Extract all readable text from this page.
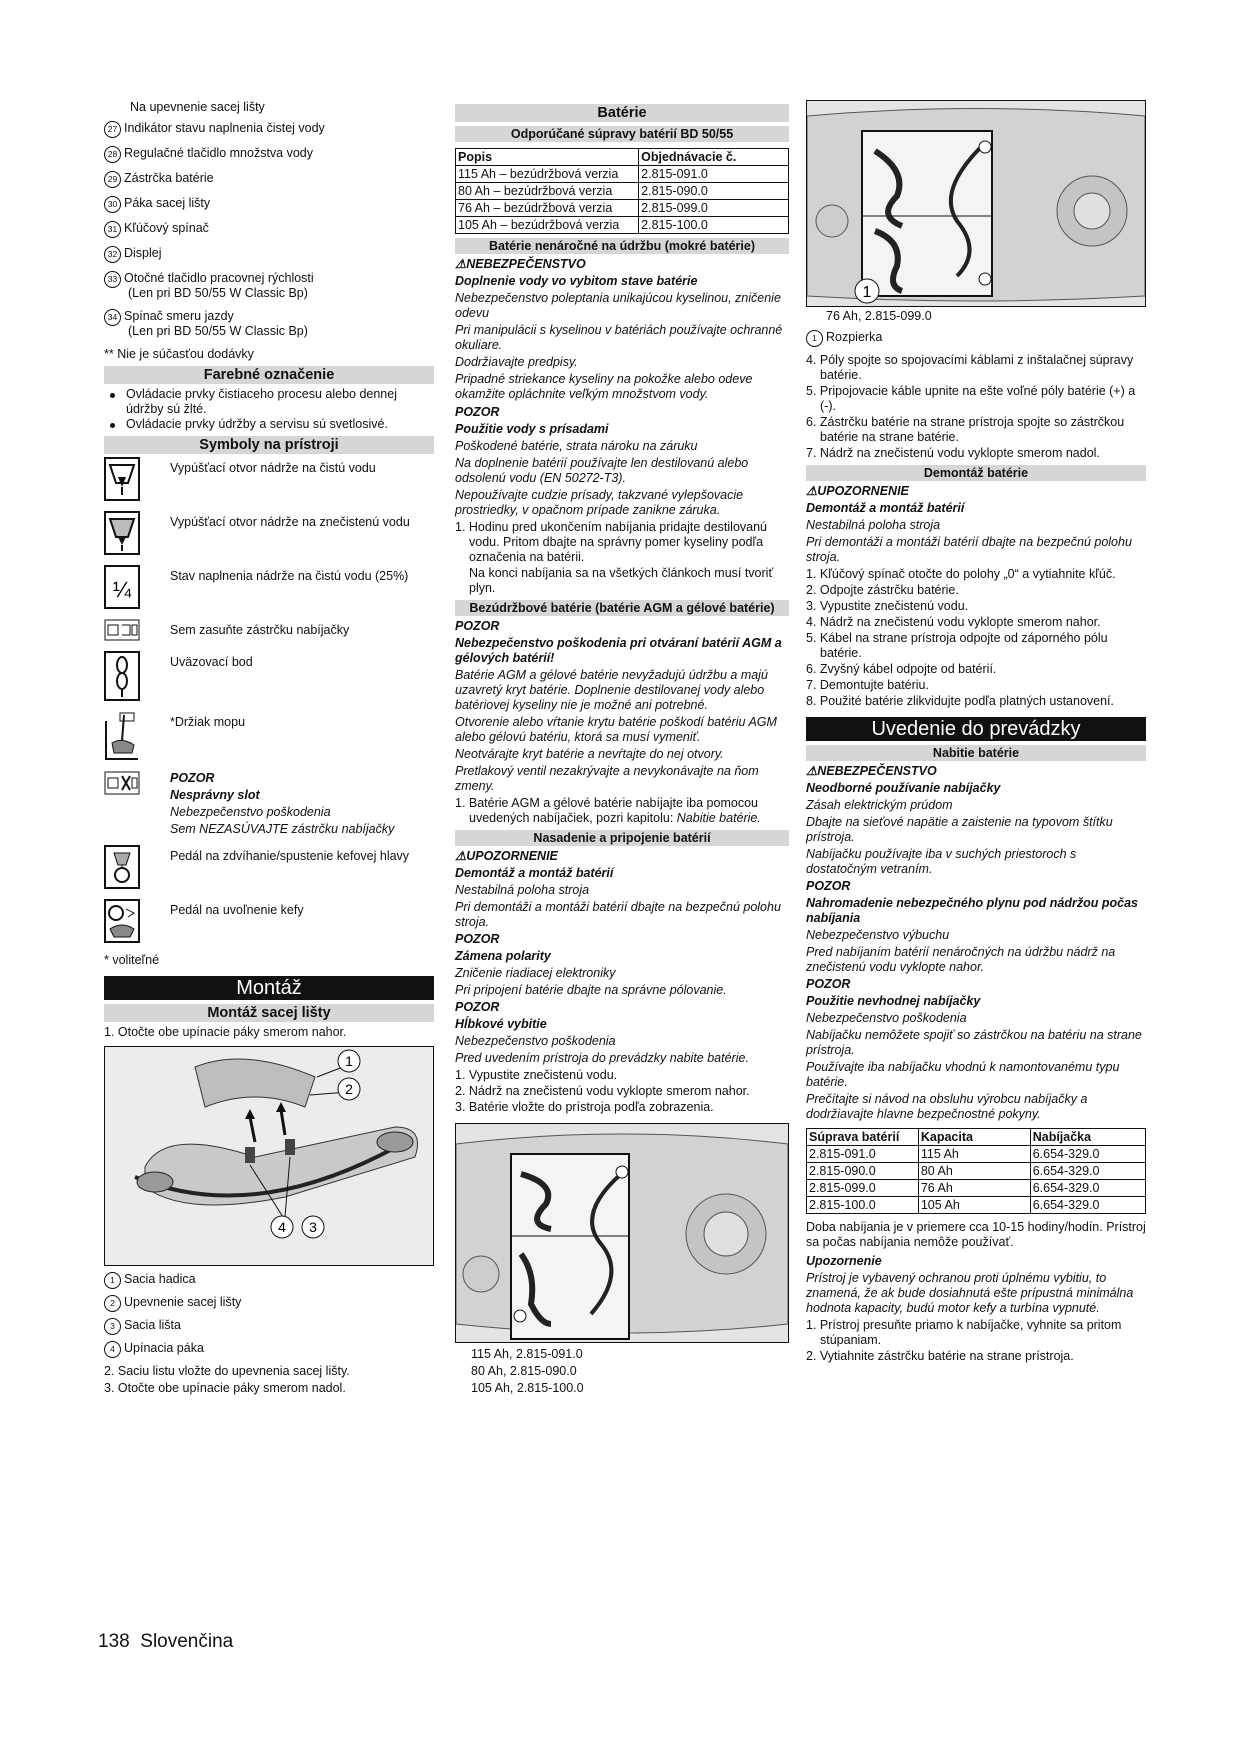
Na upevnenie sacej lišty

27 Indikátor stavu naplnenia čistej vody
28 Regulačné tlačidlo množstva vody
29 Zástrčka batérie
30 Páka sacej lišty
31 Kľúčový spínač
32 Displej
33 Otočné tlačidlo pracovnej rýchlosti
(Len pri BD 50/55 W Classic Bp)
34 Spínač smeru jazdy
(Len pri BD 50/55 W Classic Bp)

** Nie je súčasťou dodávky

Farebné označenie
Ovládacie prvky čistiaceho procesu alebo dennej údržby sú žlté.
Ovládacie prvky údržby a servisu sú svetlosivé.
Symboly na prístroji
Vypúšťací otvor nádrže na čistú vodu
Vypúšťací otvor nádrže na znečistenú vodu
¼
Stav naplnenia nádrže na čistú vodu (25%)
Sem zasuňte zástrčku nabíjačky
Uväzovací bod
*Držiak mopu

POZOR

Nesprávny slot

Nebezpečenstvo poškodenia

Sem NEZASÚVAJTE zástrčku nabíjačky

Pedál na zdvíhanie/spustenie kefovej hlavy
Pedál na uvoľnenie kefy

* voliteľné

Montáž
Montáž sacej lišty

1. Otočte obe upínacie páky smerom nahor.

1
2
4 3
1 Sacia hadica
2 Upevnenie sacej lišty
3 Sacia lišta
4 Upínacia páka

2. Saciu listu vložte do upevnenia sacej lišty.

3. Otočte obe upínacie páky smerom nadol.

Batérie
Odporúčané súpravy batérií BD 50/55
Popis	Objednávacie č.
115 Ah – bezúdržbová verzia	2.815-091.0
80 Ah – bezúdržbová verzia	2.815-090.0
76 Ah – bezúdržbová verzia	2.815-099.0
105 Ah – bezúdržbová verzia	2.815-100.0
Batérie nenáročné na údržbu (mokré batérie)

⚠NEBEZPEČENSTVO

Doplnenie vody vo vybitom stave batérie

Nebezpečenstvo poleptania unikajúcou kyselinou, zničenie odevu

Pri manipulácii s kyselinou v batériách používajte ochranné okuliare.

Dodržiavajte predpisy.

Pripadné striekance kyseliny na pokožke alebo odeve okamžite opláchnite veľkým množstvom vody.

POZOR

Použitie vody s prísadami

Poškodené batérie, strata nároku na záruku

Na doplnenie batérií používajte len destilovanú alebo odsolenú vodu (EN 50272-T3).

Nepoužívajte cudzie prísady, takzvané vylepšovacie prostriedky, v opačnom prípade zanikne záruka.

1. Hodinu pred ukončením nabíjania pridajte destilovanú vodu. Pritom dbajte na správny pomer kyseliny podľa označenia na batérii.
Na konci nabíjania sa na všetkých článkoch musí tvoriť plyn.
Bezúdržbové batérie (batérie AGM a gélové batérie)

POZOR

Nebezpečenstvo poškodenia pri otváraní batérií AGM a gélových batérií!

Batérie AGM a gélové batérie nevyžadujú údržbu a majú uzavretý kryt batérie. Doplnenie destilovanej vody alebo batériovej kyseliny nie je možné ani potrebné.

Otvorenie alebo vŕtanie krytu batérie poškodí batériu AGM alebo gélovú batériu, ktorá sa musí vymeniť.

Neotvárajte kryt batérie a nevŕtajte do nej otvory.

Pretlakový ventil nezakrývajte a nevykonávajte na ňom zmeny.

1. Batérie AGM a gélové batérie nabíjajte iba pomocou uvedených nabíjačiek, pozri kapitolu: Nabitie batérie.
Nasadenie a pripojenie batérií

⚠UPOZORNENIE

Demontáž a montáž batérií

Nestabilná poloha stroja

Pri demontáži a montáži batérií dbajte na bezpečnú polohu stroja.

POZOR

Zámena polarity

Zničenie riadiacej elektroniky

Pri pripojení batérie dbajte na správne pólovanie.

POZOR

Hĺbkové vybitie

Nebezpečenstvo poškodenia

Pred uvedením prístroja do prevádzky nabite batérie.

1. Vypustite znečistenú vodu.
2. Nádrž na znečistenú vodu vyklopte smerom nahor.
3. Batérie vložte do prístroja podľa zobrazenia.

115 Ah, 2.815-091.0

80 Ah, 2.815-090.0

105 Ah, 2.815-100.0

1

76 Ah, 2.815-099.0

1 Rozpierka
4. Póly spojte so spojovacími káblami z inštalačnej súpravy batérie.
5. Pripojovacie káble upnite na ešte voľné póly batérie (+) a (-).
6. Zástrčku batérie na strane prístroja spojte so zástrčkou batérie na strane batérie.
7. Nádrž na znečistenú vodu vyklopte smerom nadol.
Demontáž batérie

⚠UPOZORNENIE

Demontáž a montáž batérií

Nestabilná poloha stroja

Pri demontáži a montáži batérií dbajte na bezpečnú polohu stroja.

1. Kľúčový spínač otočte do polohy „0“ a vytiahnite kľúč.
2. Odpojte zástrčku batérie.
3. Vypustite znečistenú vodu.
4. Nádrž na znečistenú vodu vyklopte smerom nahor.
5. Kábel na strane prístroja odpojte od záporného pólu batérie.
6. Zvyšný kábel odpojte od batérií.
7. Demontujte batériu.
8. Použité batérie zlikvidujte podľa platných ustanovení.
Uvedenie do prevádzky
Nabitie batérie

⚠NEBEZPEČENSTVO

Neodborné používanie nabíjačky

Zásah elektrickým prúdom

Dbajte na sieťové napätie a zaistenie na typovom štítku prístroja.

Nabíjačku používajte iba v suchých priestoroch s dostatočným vetraním.

POZOR

Nahromadenie nebezpečného plynu pod nádržou počas nabíjania

Nebezpečenstvo výbuchu

Pred nabíjaním batérií nenáročných na údržbu nádrž na znečistenú vodu vyklopte nahor.

POZOR

Použitie nevhodnej nabíjačky

Nebezpečenstvo poškodenia

Nabíjačku nemôžete spojiť so zástrčkou na batériu na strane prístroja.

Používajte iba nabíjačku vhodnú k namontovanému typu batérie.

Prečítajte si návod na obsluhu výrobcu nabíjačky a dodržiavajte hlavne bezpečnostné pokyny.

Súprava batérií	Kapacita	Nabíjačka
2.815-091.0	115 Ah	6.654-329.0
2.815-090.0	80 Ah	6.654-329.0
2.815-099.0	76 Ah	6.654-329.0
2.815-100.0	105 Ah	6.654-329.0

Doba nabíjania je v priemere cca 10-15 hodiny/hodín. Prístroj sa počas nabíjania nemôže používať.

Upozornenie

Prístroj je vybavený ochranou proti úplnému vybitiu, to znamená, že ak bude dosiahnutá ešte prípustná minimálna hodnota kapacity, budú motor kefy a turbína vypnuté.

1. Prístroj presuňte priamo k nabíjačke, vyhnite sa pritom stúpaniam.
2. Vytiahnite zástrčku batérie na strane prístroja.
138 Slovenčina
